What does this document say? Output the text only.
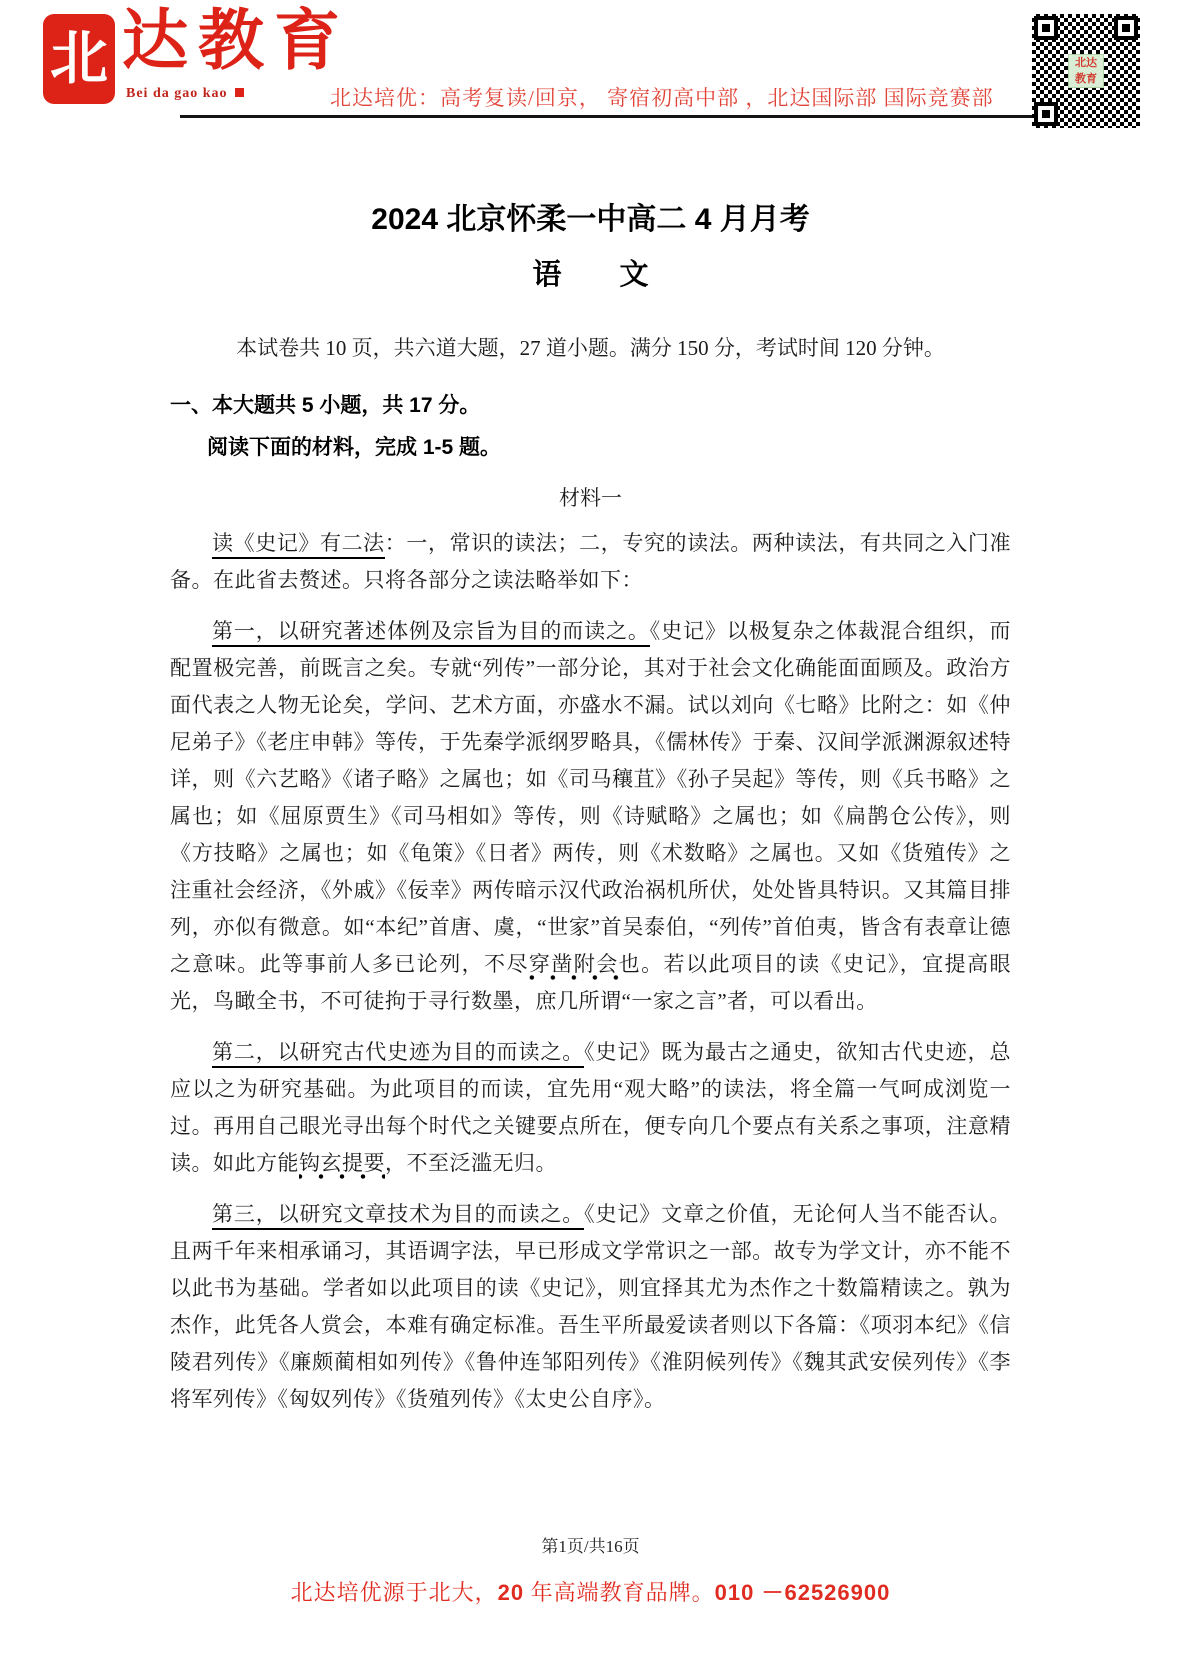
北 达教育
Bei da gao kao	北达培优：高考复读/回京， 寄宿初高中部 ，北达国际部 国际竞赛部
北达
教育
2024 北京怀柔一中高二 4 月月考
语　　文
本试卷共 10 页，共六道大题，27 道小题。满分 150 分，考试时间 120 分钟。
一、本大题共 5 小题，共 17 分。
阅读下面的材料，完成 1-5 题。
材料一

读《史记》有二法：一，常识的读法；二，专究的读法。两种读法，有共同之入门准备。在此省去赘述。只将各部分之读法略举如下：

第一，以研究著述体例及宗旨为目的而读之。《史记》以极复杂之体裁混合组织，而配置极完善，前既言之矣。专就“列传”一部分论，其对于社会文化确能面面顾及。政治方面代表之人物无论矣，学问、艺术方面，亦盛水不漏。试以刘向《七略》比附之：如《仲尼弟子》《老庄申韩》等传，于先秦学派纲罗略具，《儒林传》于秦、汉间学派渊源叙述特详，则《六艺略》《诸子略》之属也；如《司马穰苴》《孙子吴起》等传，则《兵书略》之属也；如《屈原贾生》《司马相如》等传，则《诗赋略》之属也；如《扁鹊仓公传》，则《方技略》之属也；如《龟策》《日者》两传，则《术数略》之属也。又如《货殖传》之注重社会经济，《外戚》《佞幸》两传暗示汉代政治祸机所伏，处处皆具特识。又其篇目排列，亦似有微意。如“本纪”首唐、虞，“世家”首吴泰伯，“列传”首伯夷，皆含有表章让德之意味。此等事前人多已论列，不尽穿凿附会也。若以此项目的读《史记》，宜提高眼光，鸟瞰全书，不可徒拘于寻行数墨，庶几所谓“一家之言”者，可以看出。

第二，以研究古代史迹为目的而读之。《史记》既为最古之通史，欲知古代史迹，总应以之为研究基础。为此项目的而读，宜先用“观大略”的读法，将全篇一气呵成浏览一过。再用自己眼光寻出每个时代之关键要点所在，便专向几个要点有关系之事项，注意精读。如此方能钩玄提要，不至泛滥无归。

第三，以研究文章技术为目的而读之。《史记》文章之价值，无论何人当不能否认。且两千年来相承诵习，其语调字法，早已形成文学常识之一部。故专为学文计，亦不能不以此书为基础。学者如以此项目的读《史记》，则宜择其尤为杰作之十数篇精读之。孰为杰作，此凭各人赏会，本难有确定标准。吾生平所最爱读者则以下各篇：《项羽本纪》《信陵君列传》《廉颇蔺相如列传》《鲁仲连邹阳列传》《淮阴候列传》《魏其武安侯列传》《李将军列传》《匈奴列传》《货殖列传》《太史公自序》。

第1页/共16页
北达培优源于北大，20 年高端教育品牌。010 －62526900
